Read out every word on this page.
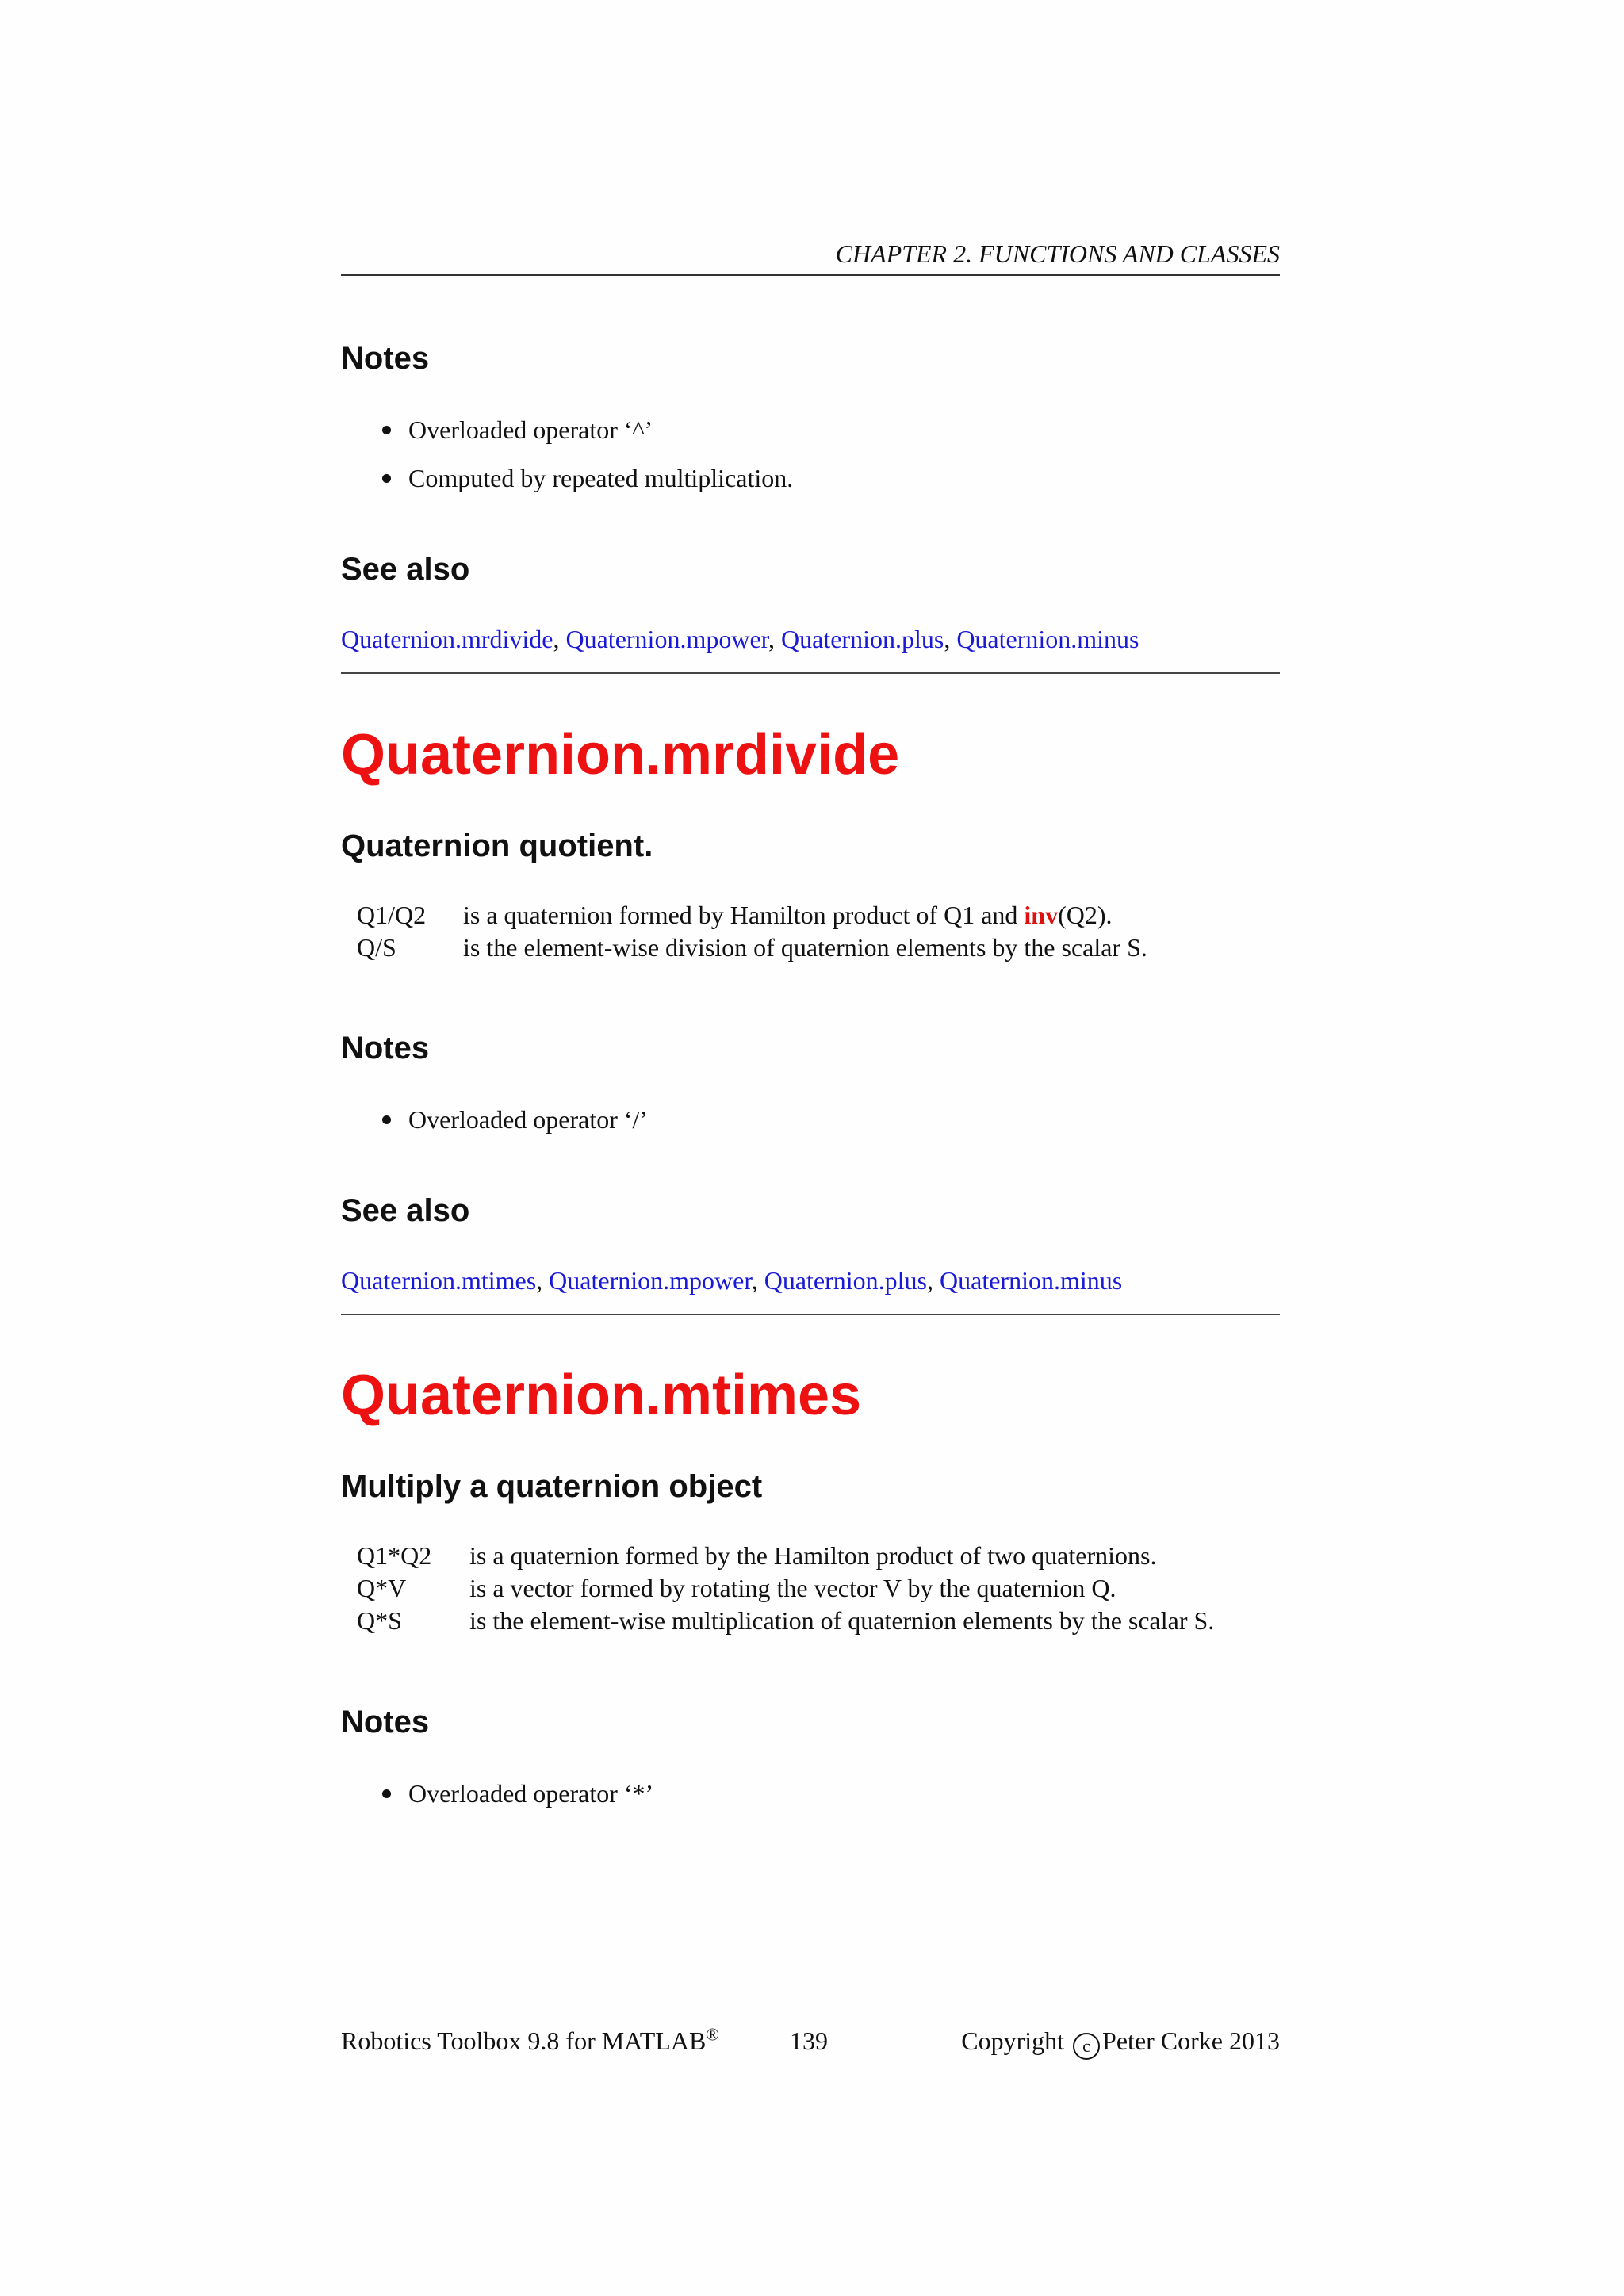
CHAPTER 2. FUNCTIONS AND CLASSES
Notes
Overloaded operator ‘^’
Computed by repeated multiplication.
See also
Quaternion.mrdivide, Quaternion.mpower, Quaternion.plus, Quaternion.minus
Quaternion.mrdivide
Quaternion quotient.
Q1/Q2	is a quaternion formed by Hamilton product of Q1 and inv(Q2).
Q/S	is the element-wise division of quaternion elements by the scalar S.
Notes
Overloaded operator ‘/’
See also
Quaternion.mtimes, Quaternion.mpower, Quaternion.plus, Quaternion.minus
Quaternion.mtimes
Multiply a quaternion object
Q1*Q2	is a quaternion formed by the Hamilton product of two quaternions.
Q*V	is a vector formed by rotating the vector V by the quaternion Q.
Q*S	is the element-wise multiplication of quaternion elements by the scalar S.
Notes
Overloaded operator ‘*’
Robotics Toolbox 9.8 for MATLAB®	139	Copyright c Peter Corke 2013
